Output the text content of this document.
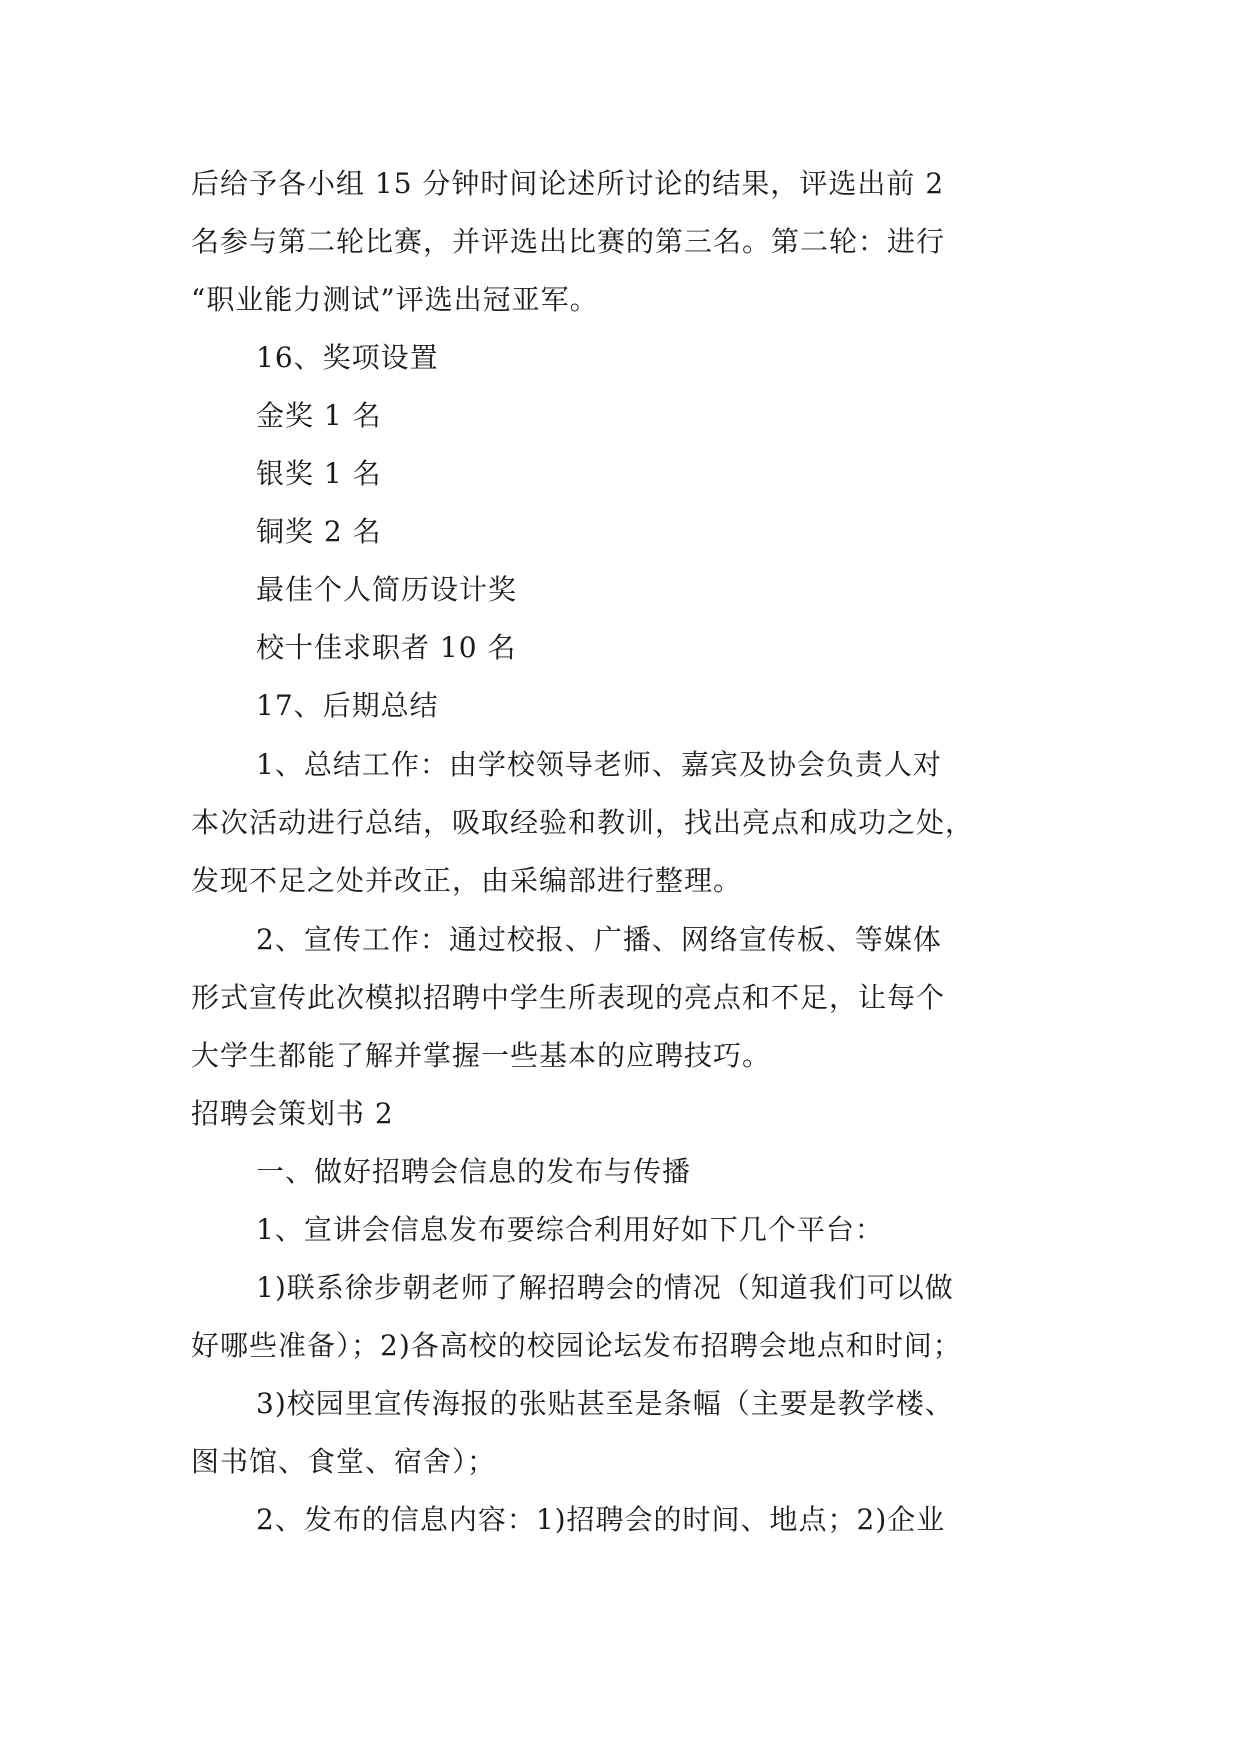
后给予各小组 15 分钟时间论述所讨论的结果，评选出前 2
名参与第二轮比赛，并评选出比赛的第三名。第二轮：进行
“职业能力测试”评选出冠亚军。
16、奖项设置
金奖 1 名
银奖 1 名
铜奖 2 名
最佳个人简历设计奖
校十佳求职者 10 名
17、后期总结
1、总结工作：由学校领导老师、嘉宾及协会负责人对
本次活动进行总结，吸取经验和教训，找出亮点和成功之处，
发现不足之处并改正，由采编部进行整理。
2、宣传工作：通过校报、广播、网络宣传板、等媒体
形式宣传此次模拟招聘中学生所表现的亮点和不足，让每个
大学生都能了解并掌握一些基本的应聘技巧。
招聘会策划书 2
一、做好招聘会信息的发布与传播
1、宣讲会信息发布要综合利用好如下几个平台：
1)联系徐步朝老师了解招聘会的情况（知道我们可以做
好哪些准备）；2)各高校的校园论坛发布招聘会地点和时间；
3)校园里宣传海报的张贴甚至是条幅（主要是教学楼、
图书馆、食堂、宿舍）；
2、发布的信息内容：1)招聘会的时间、地点；2)企业
